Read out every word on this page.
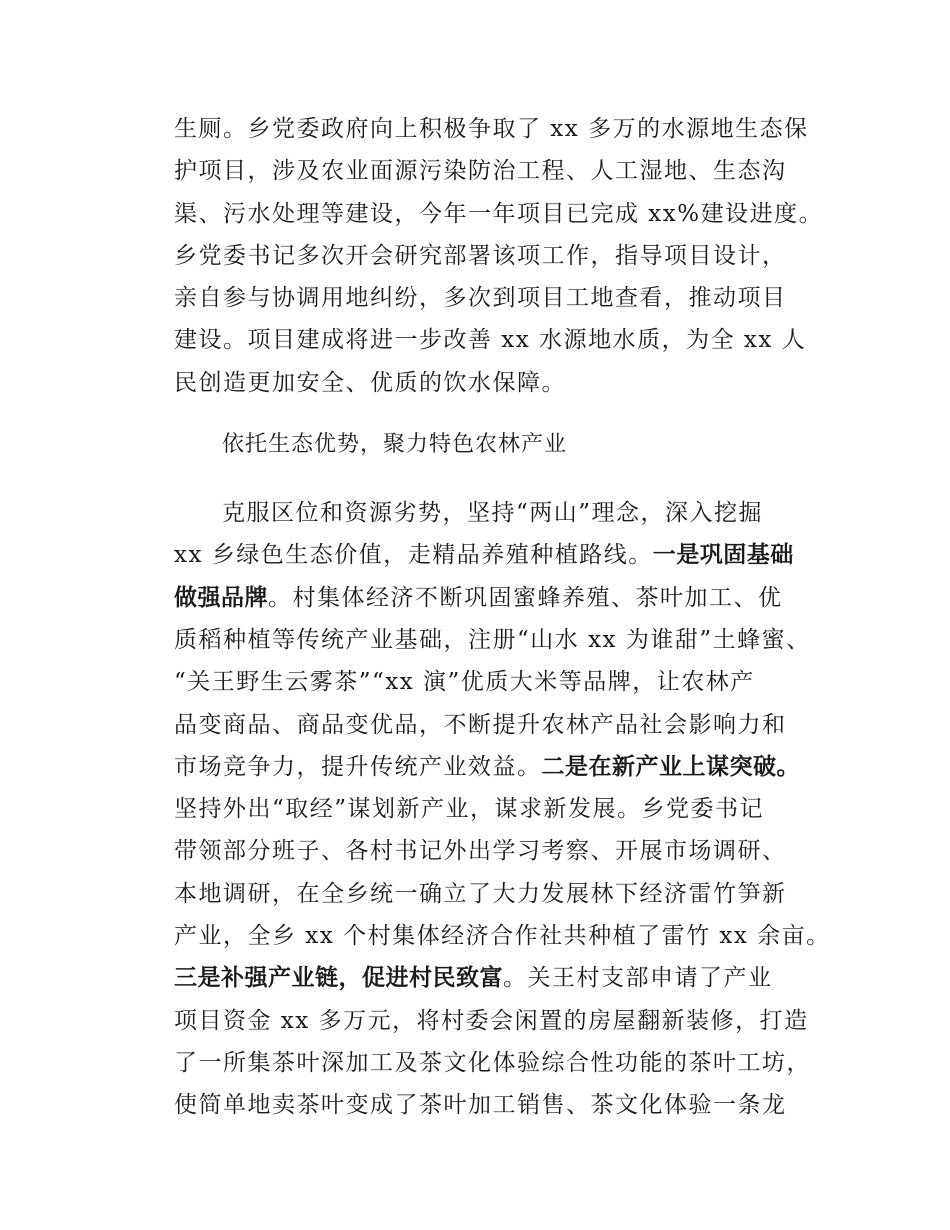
生厕。乡党委政府向上积极争取了 xx 多万的水源地生态保
护项目，涉及农业面源污染防治工程、人工湿地、生态沟
渠、污水处理等建设，今年一年项目已完成 xx%建设进度。
乡党委书记多次开会研究部署该项工作，指导项目设计，
亲自参与协调用地纠纷，多次到项目工地查看，推动项目
建设。项目建成将进一步改善 xx 水源地水质，为全 xx 人
民创造更加安全、优质的饮水保障。
依托生态优势，聚力特色农林产业
克服区位和资源劣势，坚持“两山”理念，深入挖掘
xx 乡绿色生态价值，走精品养殖种植路线。一是巩固基础
做强品牌。村集体经济不断巩固蜜蜂养殖、茶叶加工、优
质稻种植等传统产业基础，注册“山水 xx 为谁甜”土蜂蜜、
“关王野生云雾茶”“xx 演”优质大米等品牌，让农林产
品变商品、商品变优品，不断提升农林产品社会影响力和
市场竞争力，提升传统产业效益。二是在新产业上谋突破。
坚持外出“取经”谋划新产业，谋求新发展。乡党委书记
带领部分班子、各村书记外出学习考察、开展市场调研、
本地调研，在全乡统一确立了大力发展林下经济雷竹笋新
产业，全乡 xx 个村集体经济合作社共种植了雷竹 xx 余亩。
三是补强产业链，促进村民致富。关王村支部申请了产业
项目资金 xx 多万元，将村委会闲置的房屋翻新装修，打造
了一所集茶叶深加工及茶文化体验综合性功能的茶叶工坊，
使简单地卖茶叶变成了茶叶加工销售、茶文化体验一条龙
